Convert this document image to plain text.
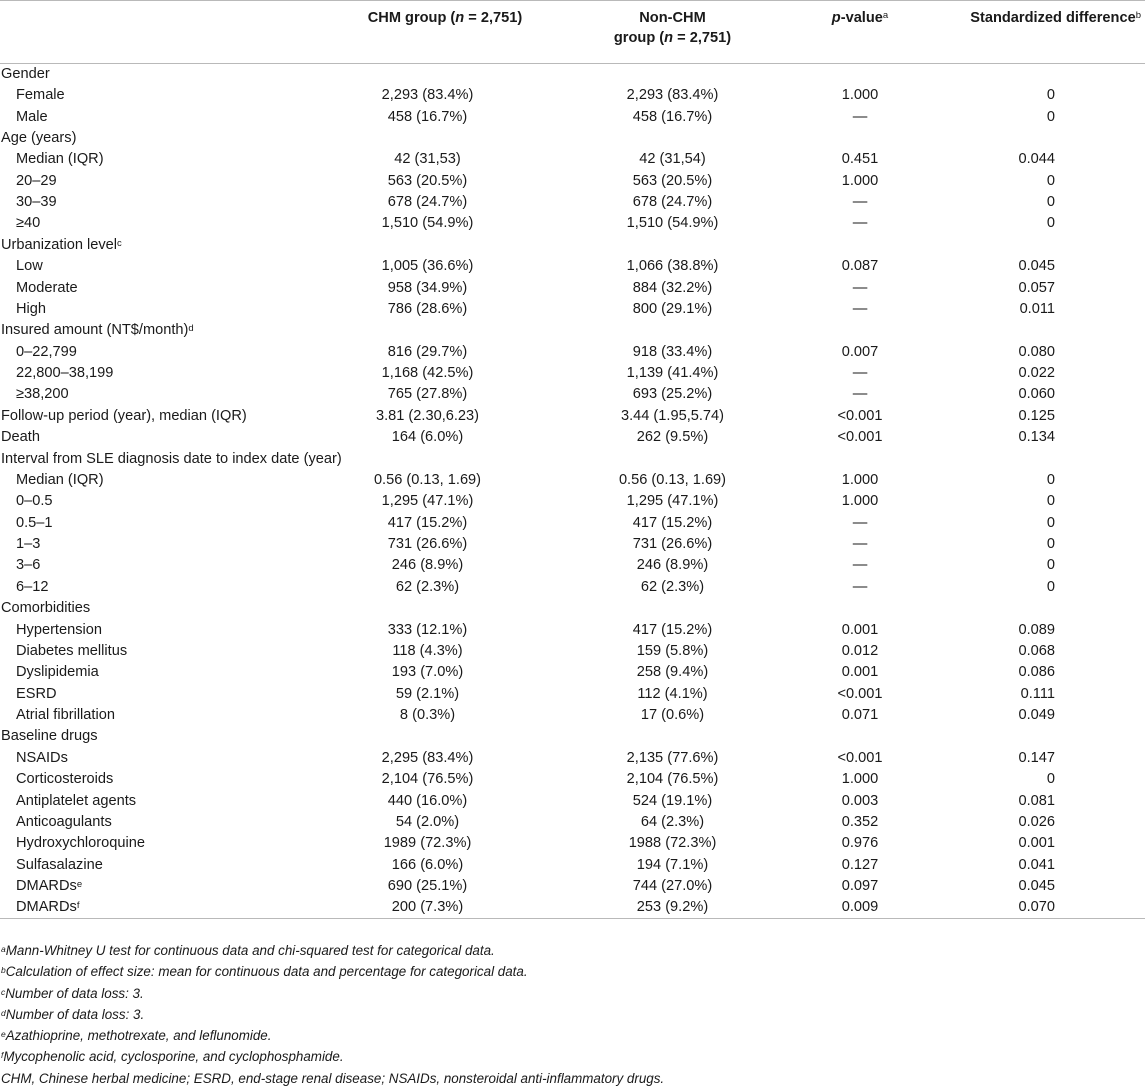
	CHM group (n = 2,751)	Non-CHM
group (n = 2,751)	p-value$^a$	Standardized difference$^b$
Gender				
Female	2,293 (83.4%)	2,293 (83.4%)	1.000	0
Male	458 (16.7%)	458 (16.7%)	—	0
Age (years)				
Median (IQR)	42 (31,53)	42 (31,54)	0.451	0.044
20–29	563 (20.5%)	563 (20.5%)	1.000	0
30–39	678 (24.7%)	678 (24.7%)	—	0
≥40	1,510 (54.9%)	1,510 (54.9%)	—	0
Urbanization level$^c$				
Low	1,005 (36.6%)	1,066 (38.8%)	0.087	0.045
Moderate	958 (34.9%)	884 (32.2%)	—	0.057
High	786 (28.6%)	800 (29.1%)	—	0.011
Insured amount (NT$/month)$^d$				
0–22,799	816 (29.7%)	918 (33.4%)	0.007	0.080
22,800–38,199	1,168 (42.5%)	1,139 (41.4%)	—	0.022
≥38,200	765 (27.8%)	693 (25.2%)	—	0.060
Follow-up period (year), median (IQR)	3.81 (2.30,6.23)	3.44 (1.95,5.74)	<0.001	0.125
Death	164 (6.0%)	262 (9.5%)	<0.001	0.134
Interval from SLE diagnosis date to index date (year)				
Median (IQR)	0.56 (0.13, 1.69)	0.56 (0.13, 1.69)	1.000	0
0–0.5	1,295 (47.1%)	1,295 (47.1%)	1.000	0
0.5–1	417 (15.2%)	417 (15.2%)	—	0
1–3	731 (26.6%)	731 (26.6%)	—	0
3–6	246 (8.9%)	246 (8.9%)	—	0
6–12	62 (2.3%)	62 (2.3%)	—	0
Comorbidities				
Hypertension	333 (12.1%)	417 (15.2%)	0.001	0.089
Diabetes mellitus	118 (4.3%)	159 (5.8%)	0.012	0.068
Dyslipidemia	193 (7.0%)	258 (9.4%)	0.001	0.086
ESRD	59 (2.1%)	112 (4.1%)	<0.001	0.111
Atrial fibrillation	8 (0.3%)	17 (0.6%)	0.071	0.049
Baseline drugs				
NSAIDs	2,295 (83.4%)	2,135 (77.6%)	<0.001	0.147
Corticosteroids	2,104 (76.5%)	2,104 (76.5%)	1.000	0
Antiplatelet agents	440 (16.0%)	524 (19.1%)	0.003	0.081
Anticoagulants	54 (2.0%)	64 (2.3%)	0.352	0.026
Hydroxychloroquine	1989 (72.3%)	1988 (72.3%)	0.976	0.001
Sulfasalazine	166 (6.0%)	194 (7.1%)	0.127	0.041
DMARDs$^e$	690 (25.1%)	744 (27.0%)	0.097	0.045
DMARDs$^f$	200 (7.3%)	253 (9.2%)	0.009	0.070
$^a$Mann-Whitney U test for continuous data and chi-squared test for categorical data.
$^b$Calculation of effect size: mean for continuous data and percentage for categorical data.
$^c$Number of data loss: 3.
$^d$Number of data loss: 3.
$^e$Azathioprine, methotrexate, and leflunomide.
$^f$Mycophenolic acid, cyclosporine, and cyclophosphamide.
CHM, Chinese herbal medicine; ESRD, end-stage renal disease; NSAIDs, nonsteroidal anti-inflammatory drugs.
